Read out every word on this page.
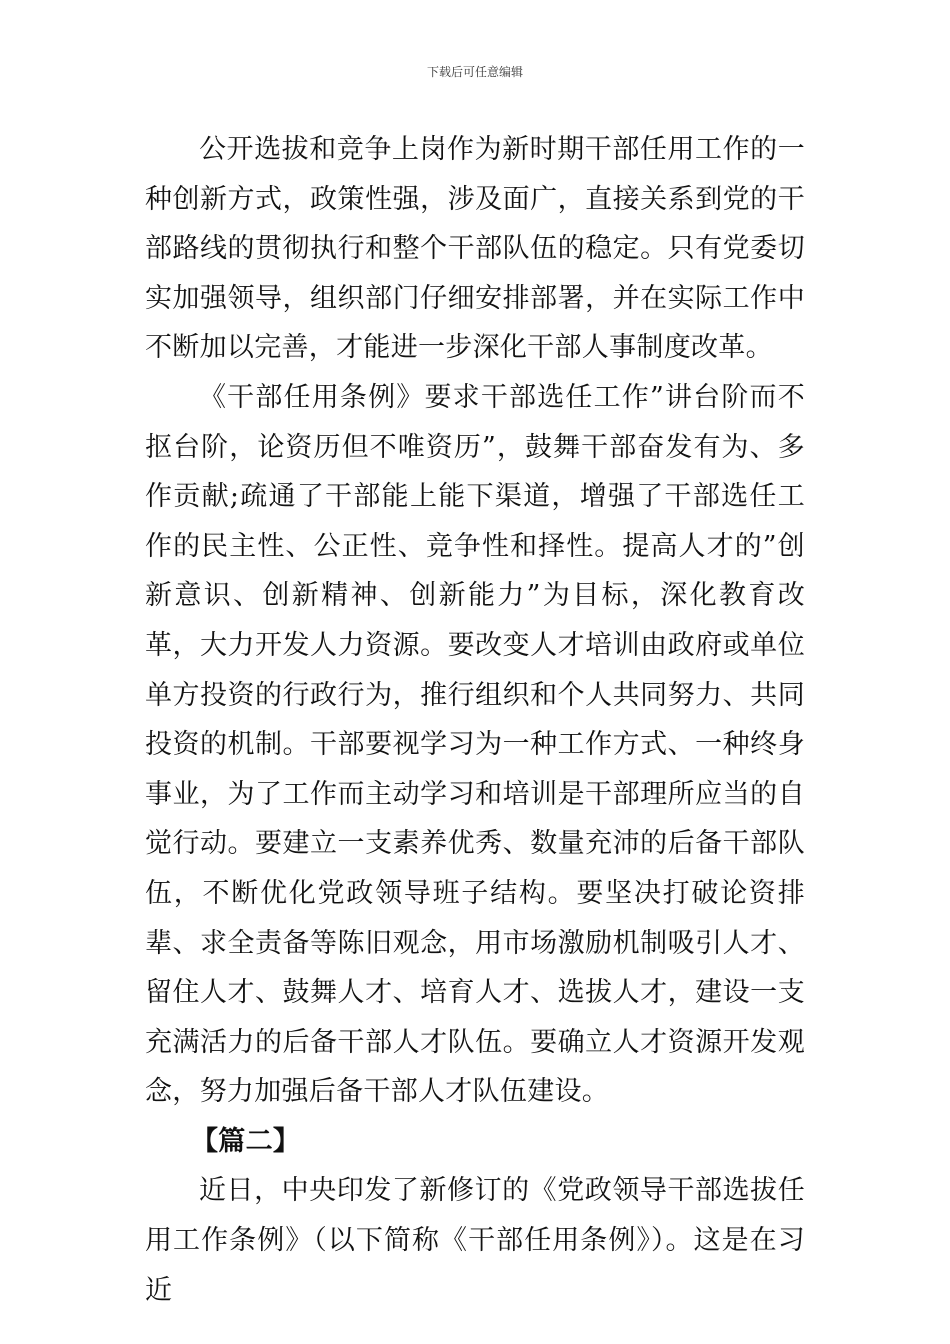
下载后可任意编辑

公开选拔和竞争上岗作为新时期干部任用工作的一种创新方式，政策性强，涉及面广，直接关系到党的干部路线的贯彻执行和整个干部队伍的稳定。只有党委切实加强领导，组织部门仔细安排部署，并在实际工作中不断加以完善，才能进一步深化干部人事制度改革。

《干部任用条例》要求干部选任工作”讲台阶而不抠台阶，论资历但不唯资历”，鼓舞干部奋发有为、多作贡献;疏通了干部能上能下渠道，增强了干部选任工作的民主性、公正性、竞争性和择性。提高人才的”创新意识、创新精神、创新能力”为目标，深化教育改革，大力开发人力资源。要改变人才培训由政府或单位单方投资的行政行为，推行组织和个人共同努力、共同投资的机制。干部要视学习为一种工作方式、一种终身事业，为了工作而主动学习和培训是干部理所应当的自觉行动。要建立一支素养优秀、数量充沛的后备干部队伍，不断优化党政领导班子结构。要坚决打破论资排辈、求全责备等陈旧观念，用市场激励机制吸引人才、留住人才、鼓舞人才、培育人才、选拔人才，建设一支充满活力的后备干部人才队伍。要确立人才资源开发观念，努力加强后备干部人才队伍建设。

【篇二】

近日，中央印发了新修订的《党政领导干部选拔任用工作条例》（以下简称《干部任用条例》）。这是在习近
